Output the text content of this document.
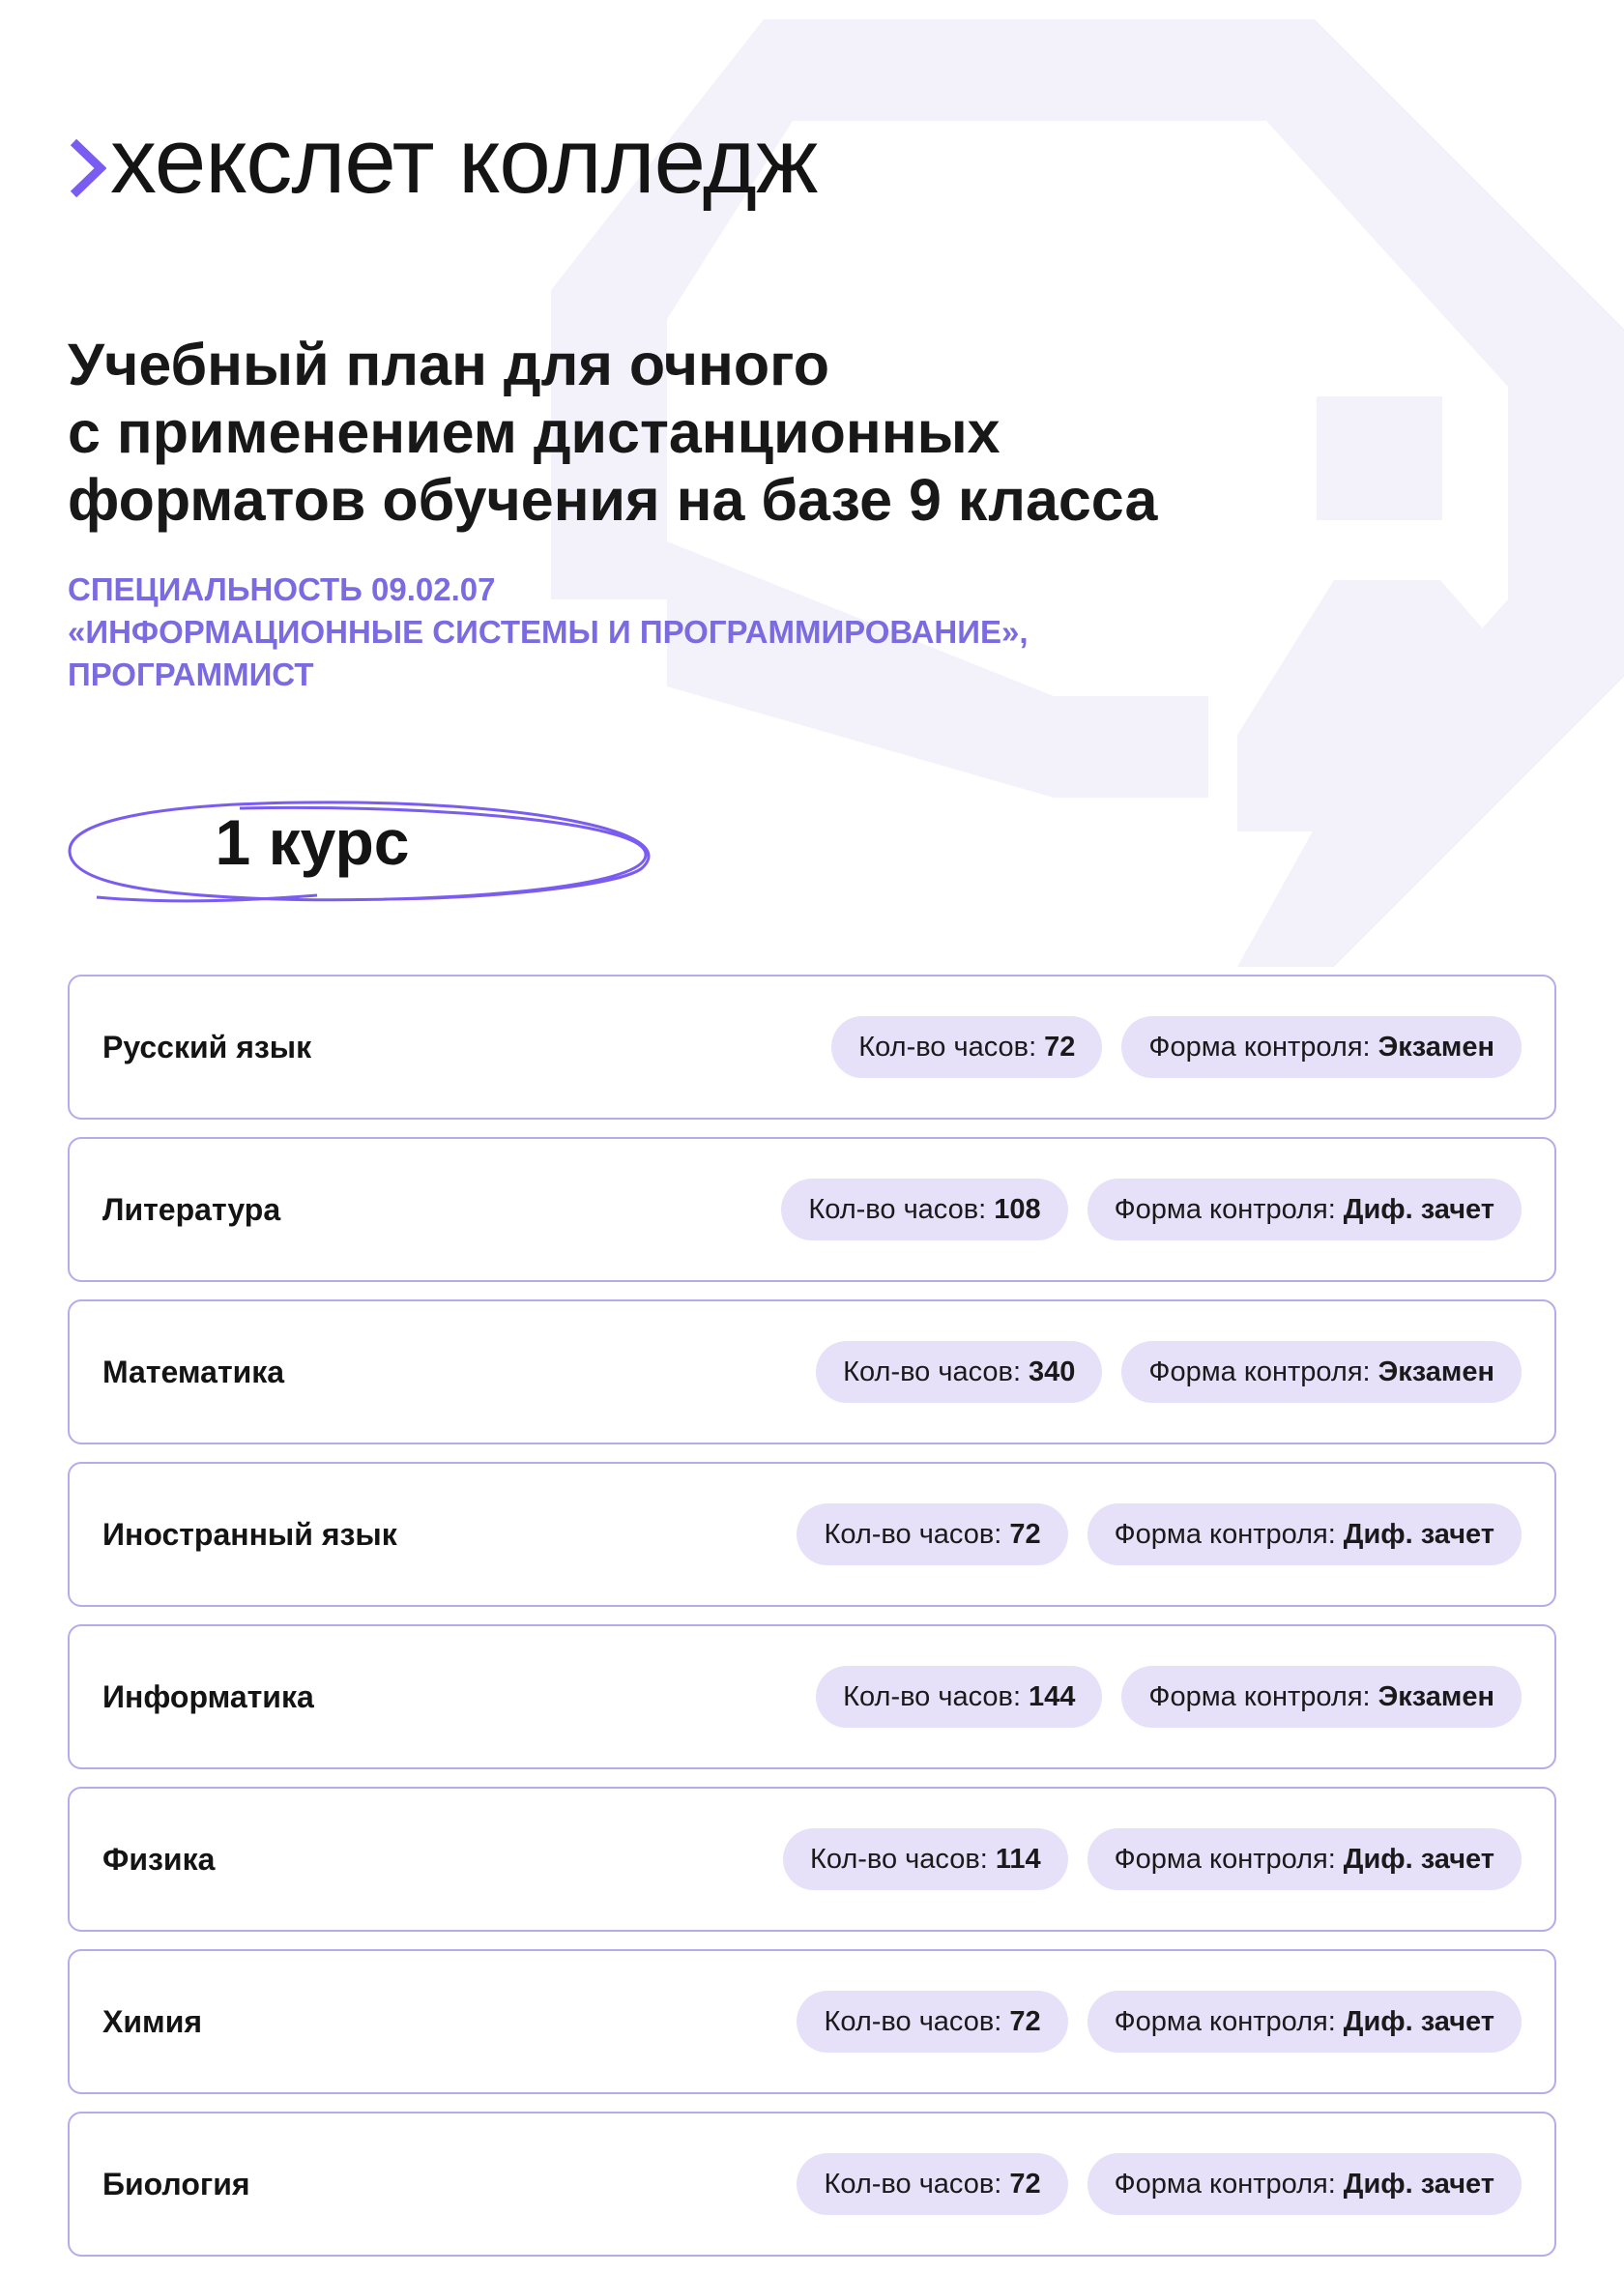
хекслет колледж
Учебный план для очного
с применением дистанционных
форматов обучения на базе 9 класса
СПЕЦИАЛЬНОСТЬ 09.02.07
«ИНФОРМАЦИОННЫЕ СИСТЕМЫ И ПРОГРАММИРОВАНИЕ»,
ПРОГРАММИСТ
1 курс
Русский язык	Кол-во часов: 72	Форма контроля: Экзамен
Литература	Кол-во часов: 108	Форма контроля: Диф. зачет
Математика	Кол-во часов: 340	Форма контроля: Экзамен
Иностранный язык	Кол-во часов: 72	Форма контроля: Диф. зачет
Информатика	Кол-во часов: 144	Форма контроля: Экзамен
Физика	Кол-во часов: 114	Форма контроля: Диф. зачет
Химия	Кол-во часов: 72	Форма контроля: Диф. зачет
Биология	Кол-во часов: 72	Форма контроля: Диф. зачет
